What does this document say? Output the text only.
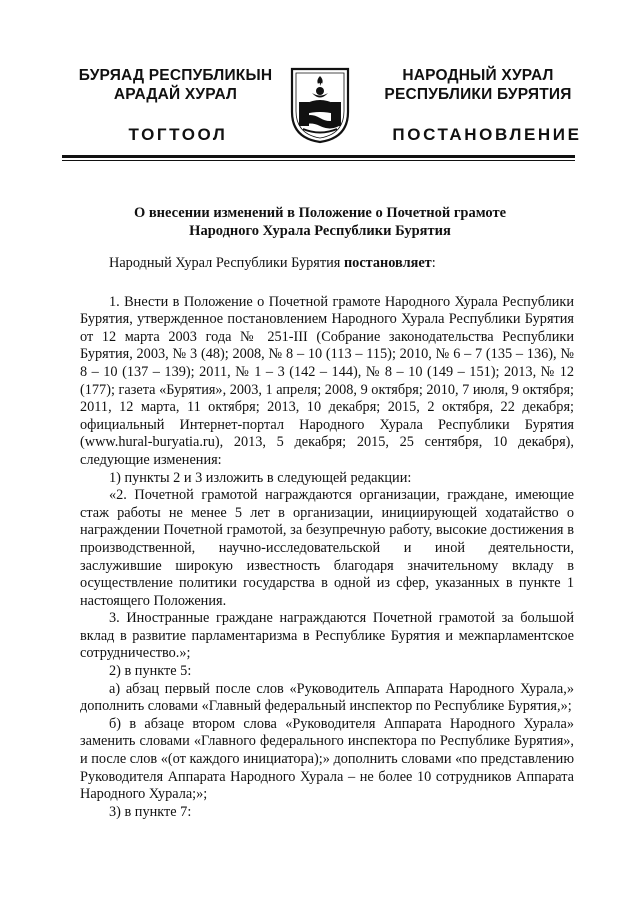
БУРЯАД РЕСПУБЛИКЫН
АРАДАЙ ХУРАЛ
ТОГТООЛ
НАРОДНЫЙ ХУРАЛ
РЕСПУБЛИКИ БУРЯТИЯ
ПОСТАНОВЛЕНИЕ
О внесении изменений в Положение о Почетной грамоте
Народного Хурала Республики Бурятия

Народный Хурал Республики Бурятия постановляет:

1. Внести в Положение о Почетной грамоте Народного Хурала Республики Бурятия, утвержденное постановлением Народного Хурала Республики Бурятия от 12 марта 2003 года № 251-III (Собрание законодательства Республики Бурятия, 2003, № 3 (48); 2008, № 8 – 10 (113 – 115); 2010, № 6 – 7 (135 – 136), № 8 – 10 (137 – 139); 2011, № 1 – 3 (142 – 144), № 8 – 10 (149 – 151); 2013, № 12 (177); газета «Бурятия», 2003, 1 апреля; 2008, 9 октября; 2010, 7 июля, 9 октября; 2011, 12 марта, 11 октября; 2013, 10 декабря; 2015, 2 октября, 22 декабря; официальный Интернет-портал Народного Хурала Республики Бурятия (www.hural-buryatia.ru), 2013, 5 декабря; 2015, 25 сентября, 10 декабря), следующие изменения:

1) пункты 2 и 3 изложить в следующей редакции:

«2. Почетной грамотой награждаются организации, граждане, имеющие стаж работы не менее 5 лет в организации, инициирующей ходатайство о награждении Почетной грамотой, за безупречную работу, высокие достижения в производственной, научно-исследовательской и иной деятельности, заслужившие широкую известность благодаря значительному вкладу в осуществление политики государства в одной из сфер, указанных в пункте 1 настоящего Положения.

3. Иностранные граждане награждаются Почетной грамотой за большой вклад в развитие парламентаризма в Республике Бурятия и межпарламентское сотрудничество.»;

2) в пункте 5:

а) абзац первый после слов «Руководитель Аппарата Народного Хурала,» дополнить словами «Главный федеральный инспектор по Республике Бурятия,»;

б) в абзаце втором слова «Руководителя Аппарата Народного Хурала» заменить словами «Главного федерального инспектора по Республике Бурятия», и после слов «(от каждого инициатора);» дополнить словами «по представлению Руководителя Аппарата Народного Хурала – не более 10 сотрудников Аппарата Народного Хурала;»;

3) в пункте 7:
